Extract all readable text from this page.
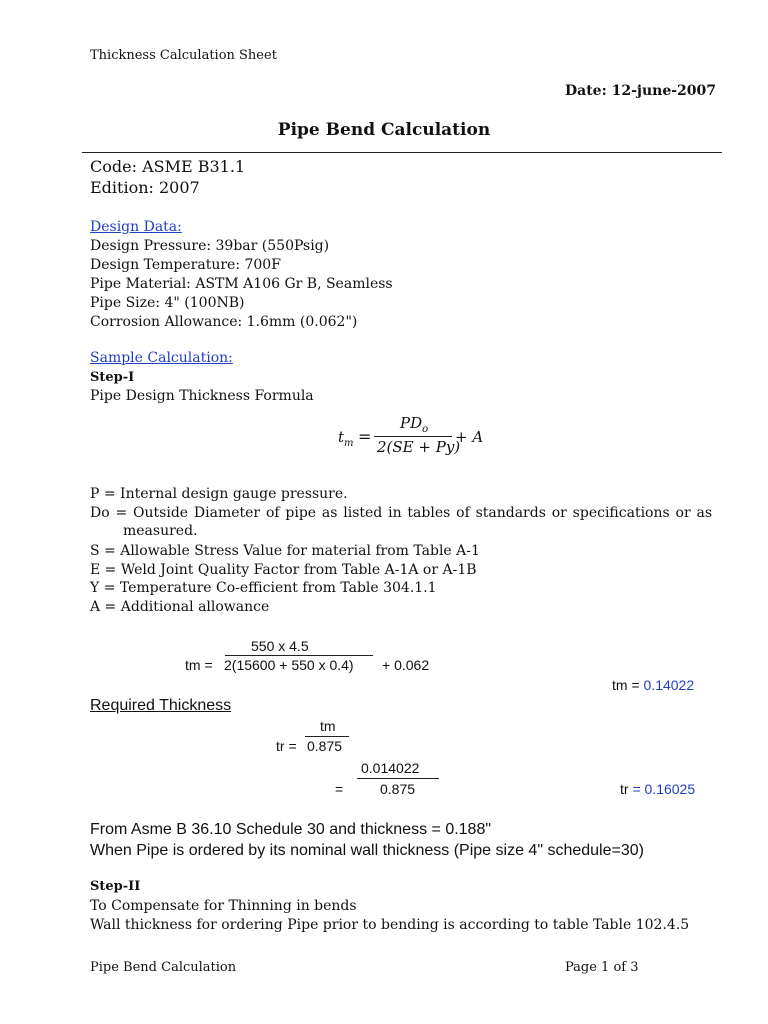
Thickness Calculation Sheet
Date: 12-june-2007
Pipe Bend Calculation
Code: ASME B31.1
Edition: 2007
Design Data:
Design Pressure: 39bar (550Psig)
Design Temperature: 700F
Pipe Material: ASTM A106 Gr B, Seamless
Pipe Size: 4" (100NB)
Corrosion Allowance: 1.6mm (0.062")
Sample Calculation:
Step-I
Pipe Design Thickness Formula
$t_m$ =
$PD_o$
2(SE + Py)
+ A
P = Internal design gauge pressure.
Do = Outside Diameter of pipe as listed in tables of standards or specifications or as
measured.
S = Allowable Stress Value for material from Table A-1
E = Weld Joint Quality Factor from Table A-1A or A-1B
Y = Temperature Co-efficient from Table 304.1.1
A = Additional allowance
550 x 4.5
tm = 2(15600 + 550 x 0.4) + 0.062
tm = 0.14022
Required Thickness
tm
tr = 0.875
0.014022
=	0.875	tr = 0.16025
From Asme B 36.10 Schedule 30 and thickness = 0.188"
When Pipe is ordered by its nominal wall thickness (Pipe size 4" schedule=30)
Step-II
To Compensate for Thinning in bends
Wall thickness for ordering Pipe prior to bending is according to table Table 102.4.5
Pipe Bend Calculation	Page 1 of 3
